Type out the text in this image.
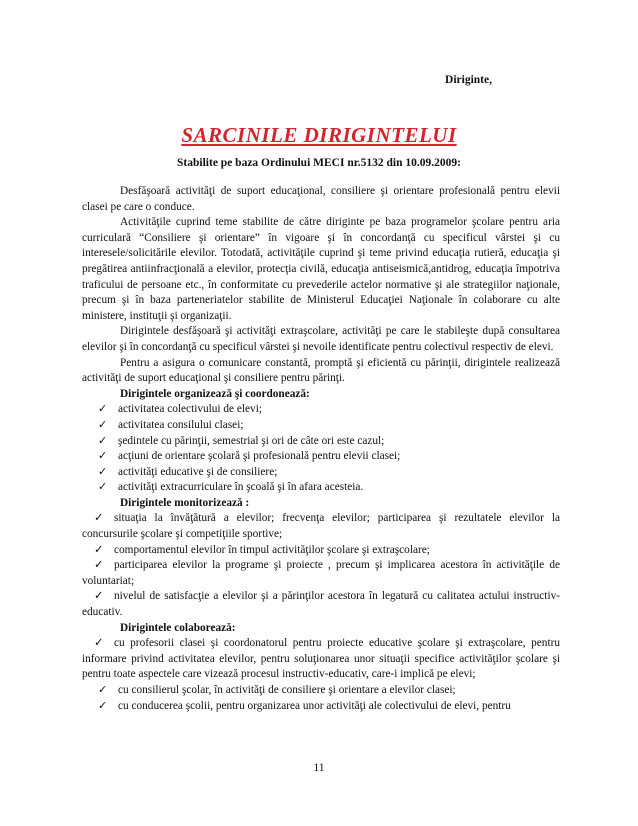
Diriginte,
SARCINILE DIRIGINTELUI
Stabilite pe baza Ordinului MECI nr.5132 din 10.09.2009:

Desfăşoară activităţi de suport educaţional, consiliere şi orientare profesională pentru elevii clasei pe care o conduce.

Activităţile cuprind teme stabilite de către diriginte pe baza programelor şcolare pentru aria curriculară “Consiliere şi orientare” în vigoare şi în concordanţă cu specificul vârstei şi cu interesele/solicitările elevilor. Totodată, activităţile cuprind şi teme privind educaţia rutieră, educaţia şi pregătirea antiinfracţională a elevilor, protecţia civilă, educaţia antiseismică,antidrog, educaţia împotriva traficului de persoane etc., în conformitate cu prevederile actelor normative şi ale strategiilor naţionale, precum şi în baza parteneriatelor stabilite de Ministerul Educaţiei Naţionale în colaborare cu alte ministere, instituţii şi organizaţii.

Dirigintele desfăşoară şi activităţi extraşcolare, activităţi pe care le stabileşte după consultarea elevilor şi în concordanţă cu specificul vârstei şi nevoile identificate pentru colectivul respectiv de elevi.

Pentru a asigura o comunicare constantă, promptă şi eficientă cu părinţii, dirigintele realizează activităţi de suport educaţional şi consiliere pentru părinţi.

Dirigintele organizează şi coordonează:

✓ activitatea colectivului de elevi;
✓ activitatea consilului clasei;
✓ şedintele cu părinţii, semestrial şi ori de câte ori este cazul;
✓ acţiuni de orientare şcolară şi profesională pentru elevii clasei;
✓ activităţi educative şi de consiliere;
✓ activităţi extracurriculare în şcoală şi în afara acesteia.

Dirigintele monitorizează :

✓ situaţia la învăţătură a elevilor; frecvenţa elevilor; participarea şi rezultatele elevilor la concursurile şcolare şi competiţiile sportive;

✓ comportamentul elevilor în timpul activităţilor şcolare şi extraşcolare;

✓ participarea elevilor la programe şi proiecte , precum şi implicarea acestora în activităţile de voluntariat;

✓ nivelul de satisfacţie a elevilor şi a părinţilor acestora în legatură cu calitatea actului instructiv-educativ.

Dirigintele colaborează:

✓ cu profesorii clasei şi coordonatorul pentru proiecte educative şcolare şi extraşcolare, pentru informare privind activitatea elevilor, pentru soluţionarea unor situaţii specifice activităţilor şcolare şi pentru toate aspectele care vizează procesul instructiv-educativ, care-i implică pe elevi;

✓ cu consilierul şcolar, în activităţi de consiliere şi orientare a elevilor clasei;
✓ cu conducerea şcolii, pentru organizarea unor activităţi ale colectivului de elevi, pentru
11
